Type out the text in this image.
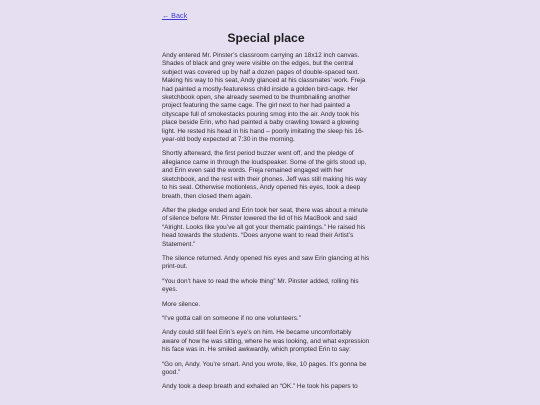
← Back
Special place

Andy entered Mr. Pinster’s classroom carrying an 18x12 inch canvas. Shades of black and grey were visible on the edges, but the central subject was covered up by half a dozen pages of double-spaced text. Making his way to his seat, Andy glanced at his classmates’ work. Freja had painted a mostly-featureless child inside a golden bird-cage. Her sketchbook open, she already seemed to be thumbnailing another project featuring the same cage. The girl next to her had painted a cityscape full of smokestacks pouring smog into the air. Andy took his place beside Erin, who had painted a baby crawling toward a glowing light. He rested his head in his hand – poorly imitating the sleep his 16-year-old body expected at 7:30 in the morning.

Shortly afterward, the first period buzzer went off, and the pledge of allegiance came in through the loudspeaker. Some of the girls stood up, and Erin even said the words. Freja remained engaged with her sketchbook, and the rest with their phones. Jeff was still making his way to his seat. Otherwise motionless, Andy opened his eyes, took a deep breath, then closed them again.

After the pledge ended and Erin took her seat, there was about a minute of silence before Mr. Pinster lowered the lid of his MacBook and said “Alright. Looks like you’ve all got your thematic paintings.” He raised his head towards the students. “Does anyone want to read their Artist’s Statement.”

The silence returned. Andy opened his eyes and saw Erin glancing at his print-out.

“You don’t have to read the whole thing” Mr. Pinster added, rolling his eyes.

More silence.

“I’ve gotta call on someone if no one volunteers.”

Andy could still feel Erin’s eye’s on him. He became uncomfortably aware of how he was sitting, where he was looking, and what expression his face was in. He smiled awkwardly, which prompted Erin to say:

“Go on, Andy. You’re smart. And you wrote, like, 10 pages. It’s gonna be good.”

Andy took a deep breath and exhaled an “OK.” He took his papers to
